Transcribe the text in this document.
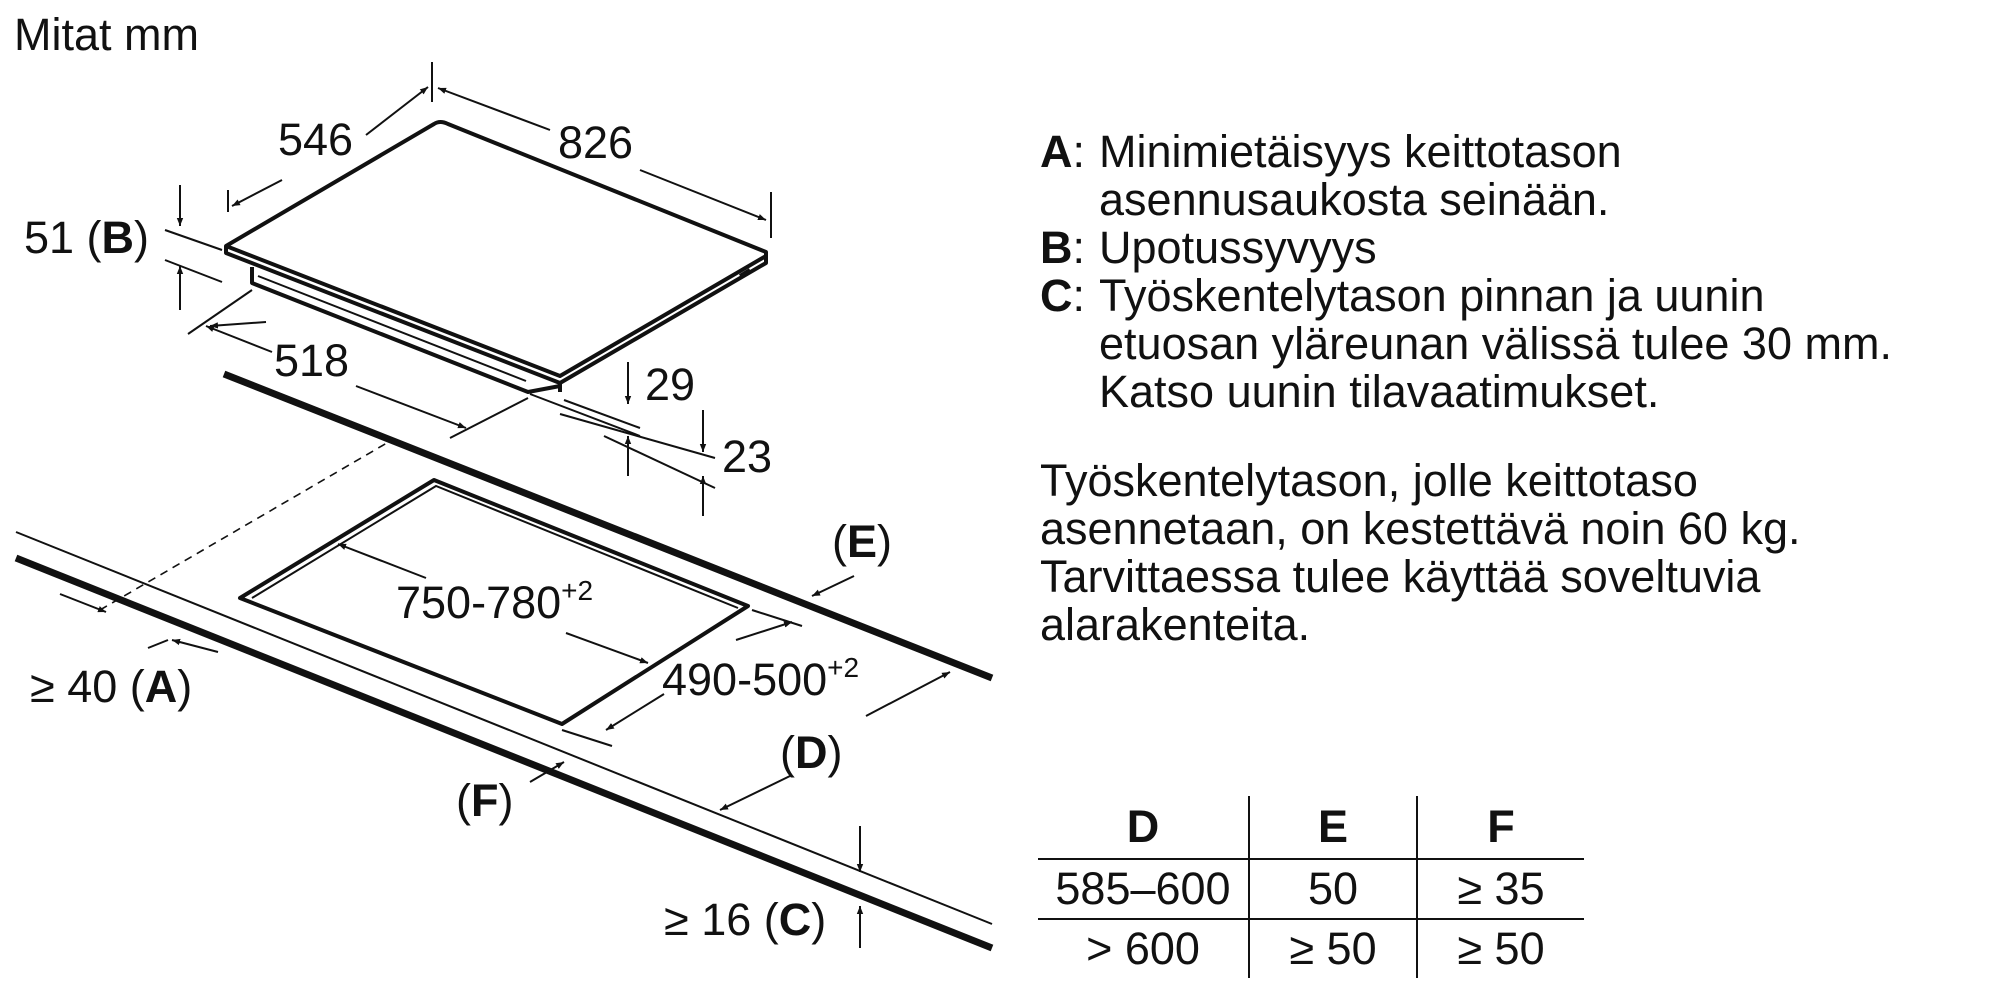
Mitat mm
546	826
51 (B)
518	29
23
$750-780^{+2}$
$490-500^{+2}$
(E)
≥ 40 (A)
(D)
(F)
≥ 16 (C)
A : Minimietäisyys keittotason
asennusaukosta seinään.
B : Upotussyvyys
C : Työskentelytason pinnan ja uunin
etuosan yläreunan välissä tulee 30 mm.
Katso uunin tilavaatimukset.
Työskentelytason, jolle keittotaso
asennetaan, on kestettävä noin 60 kg.
Tarvittaessa tulee käyttää soveltuvia
alarakenteita.
D	E	F
585–600	50	≥ 35
> 600	≥ 50	≥ 50
